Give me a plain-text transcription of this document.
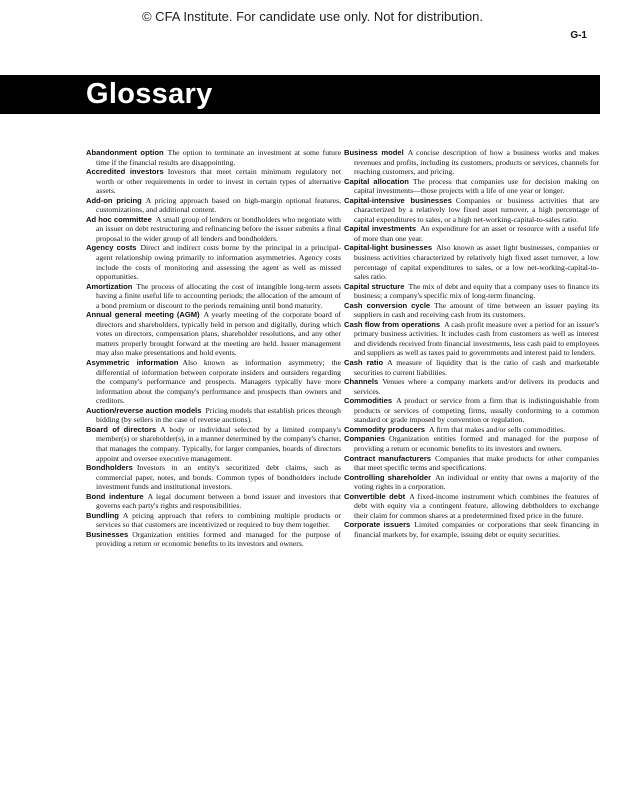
© CFA Institute. For candidate use only. Not for distribution.
G-1
Glossary

Abandonment option The option to terminate an investment at some future time if the financial results are disappointing.

Accredited investors Investors that meet certain minimum regulatory net worth or other requirements in order to invest in certain types of alternative assets.

Add-on pricing A pricing approach based on high-margin optional features, customizations, and additional content.

Ad hoc committee A small group of lenders or bondholders who negotiate with an issuer on debt restructuring and refinancing before the issuer submits a final proposal to the wider group of all lenders and bondholders.

Agency costs Direct and indirect costs borne by the principal in a principal-agent relationship owing primarily to information asymmetries. Agency costs include the costs of monitoring and assessing the agent as well as missed opportunities.

Amortization The process of allocating the cost of intangible long-term assets having a finite useful life to accounting periods; the allocation of the amount of a bond premium or discount to the periods remaining until bond maturity.

Annual general meeting (AGM) A yearly meeting of the corporate board of directors and shareholders, typically held in person and digitally, during which votes on directors, compensation plans, shareholder resolutions, and any other matters properly brought forward at the meeting are held. Issuer management may also make presentations and hold events.

Asymmetric information Also known as information asymmetry; the differential of information between corporate insiders and outsiders regarding the company's performance and prospects. Managers typically have more information about the company's performance and prospects than owners and creditors.

Auction/reverse auction models Pricing models that establish prices through bidding (by sellers in the case of reverse auctions).

Board of directors A body or individual selected by a limited company's member(s) or shareholder(s), in a manner determined by the company's charter, that manages the company. Typically, for larger companies, boards of directors appoint and oversee executive management.

Bondholders Investors in an entity's securitized debt claims, such as commercial paper, notes, and bonds. Common types of bondholders include investment funds and institutional investors.

Bond indenture A legal document between a bond issuer and investors that governs each party's rights and responsibilities.

Bundling A pricing approach that refers to combining multiple products or services so that customers are incentivized or required to buy them together.

Businesses Organization entities formed and managed for the purpose of providing a return or economic benefits to its investors and owners.

Business model A concise description of how a business works and makes revenues and profits, including its customers, products or services, channels for reaching customers, and pricing.

Capital allocation The process that companies use for decision making on capital investments—those projects with a life of one year or longer.

Capital-intensive businesses Companies or business activities that are characterized by a relatively low fixed asset turnover, a high percentage of capital expenditures to sales, or a high net-working-capital-to-sales ratio.

Capital investments An expenditure for an asset or resource with a useful life of more than one year.

Capital-light businesses Also known as asset light businesses, companies or business activities characterized by relatively high fixed asset turnover, a low percentage of capital expenditures to sales, or a low net-working-capital-to-sales ratio.

Capital structure The mix of debt and equity that a company uses to finance its business; a company's specific mix of long-term financing.

Cash conversion cycle The amount of time between an issuer paying its suppliers in cash and receiving cash from its customers.

Cash flow from operations A cash profit measure over a period for an issuer's primary business activities. It includes cash from customers as well as interest and dividends received from financial investments, less cash paid to employees and suppliers as well as taxes paid to governments and interest paid to lenders.

Cash ratio A measure of liquidity that is the ratio of cash and marketable securities to current liabilities.

Channels Venues where a company markets and/or delivers its products and services.

Commodities A product or service from a firm that is indistinguishable from products or services of competing firms, usually conforming to a common standard or grade imposed by convention or regulation.

Commodity producers A firm that makes and/or sells commodities.

Companies Organization entities formed and managed for the purpose of providing a return or economic benefits to its investors and owners.

Contract manufacturers Companies that make products for other companies that meet specific terms and specifications.

Controlling shareholder An individual or entity that owns a majority of the voting rights in a corporation.

Convertible debt A fixed-income instrument which combines the features of debt with equity via a contingent feature, allowing debtholders to exchange their claim for common shares at a predetermined fixed price in the future.

Corporate issuers Limited companies or corporations that seek financing in financial markets by, for example, issuing debt or equity securities.
